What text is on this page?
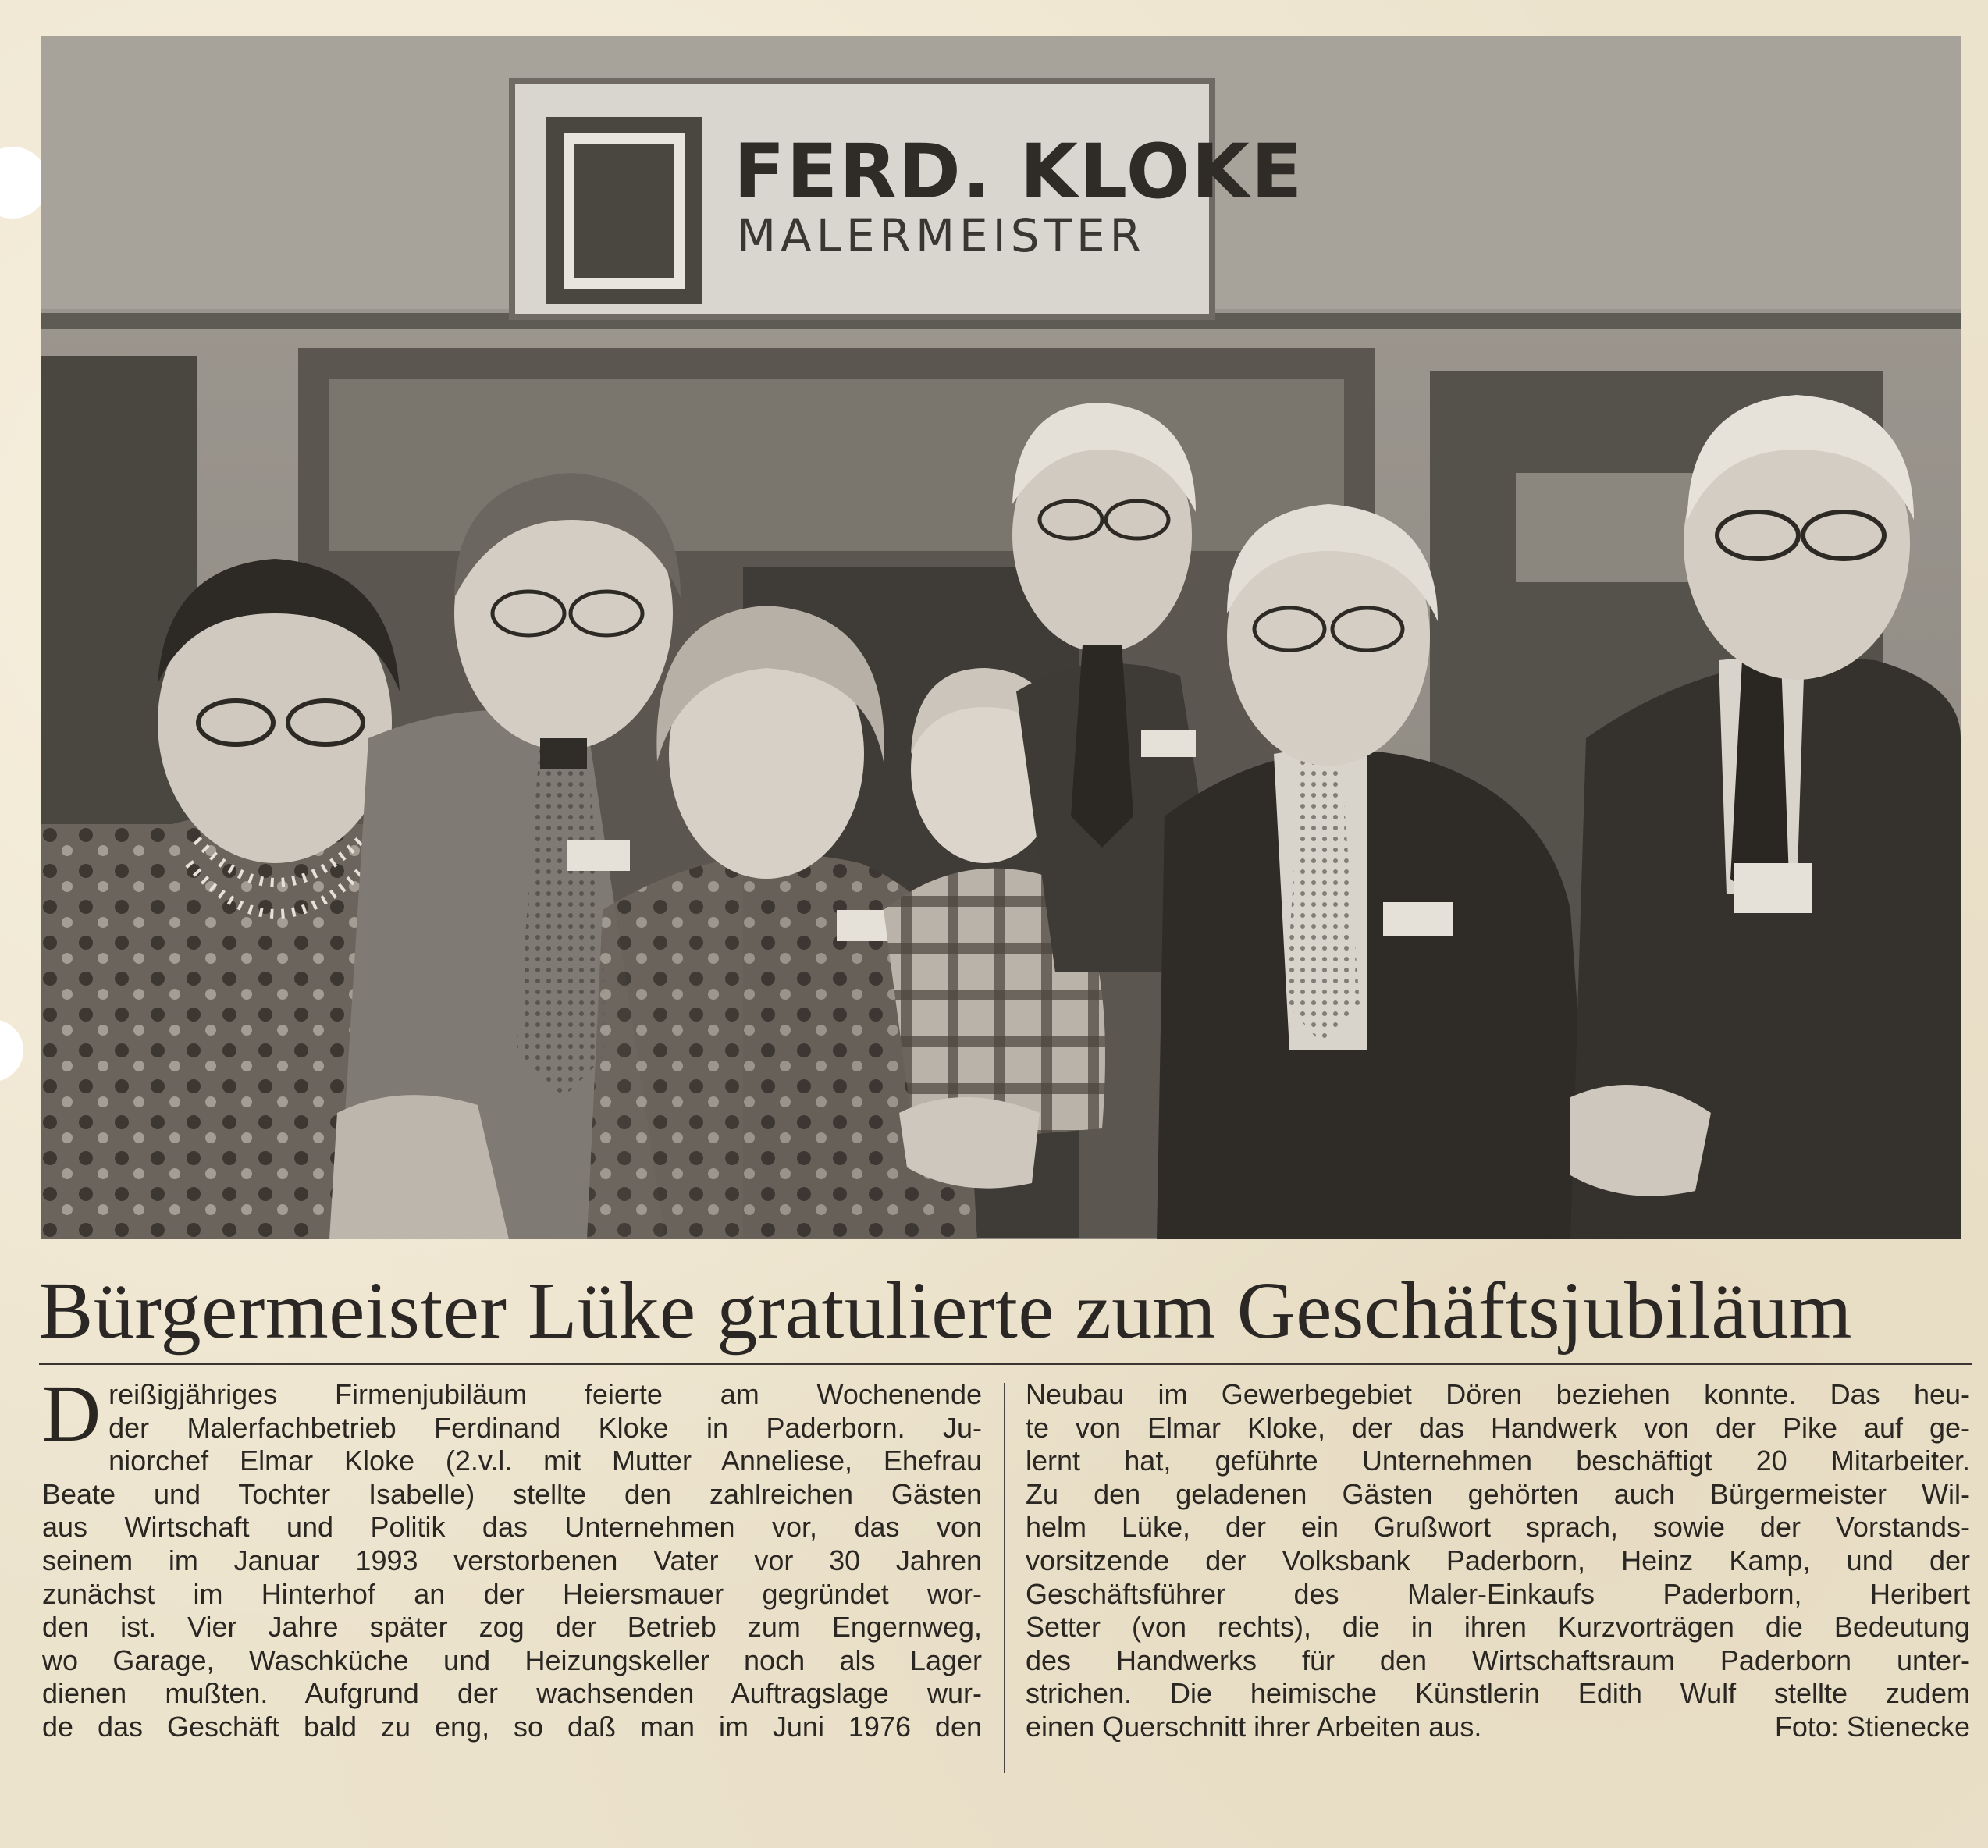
FERD. KLOKE
MALERMEISTER
Bürgermeister Lüke gratulierte zum Geschäftsjubiläum
D reißigjähriges Firmenjubiläum feierte am Wochenende
der Malerfachbetrieb Ferdinand Kloke in Paderborn. Ju-
niorchef Elmar Kloke (2.v.l. mit Mutter Anneliese, Ehefrau
Beate und Tochter Isabelle) stellte den zahlreichen Gästen
aus Wirtschaft und Politik das Unternehmen vor, das von
seinem im Januar 1993 verstorbenen Vater vor 30 Jahren
zunächst im Hinterhof an der Heiersmauer gegründet wor-
den ist. Vier Jahre später zog der Betrieb zum Engernweg,
wo Garage, Waschküche und Heizungskeller noch als Lager
dienen mußten. Aufgrund der wachsenden Auftragslage wur-
de das Geschäft bald zu eng, so daß man im Juni 1976 den
Neubau im Gewerbegebiet Dören beziehen konnte. Das heu-
te von Elmar Kloke, der das Handwerk von der Pike auf ge-
lernt hat, geführte Unternehmen beschäftigt 20 Mitarbeiter.
Zu den geladenen Gästen gehörten auch Bürgermeister Wil-
helm Lüke, der ein Grußwort sprach, sowie der Vorstands-
vorsitzende der Volksbank Paderborn, Heinz Kamp, und der
Geschäftsführer des Maler-Einkaufs Paderborn, Heribert
Setter (von rechts), die in ihren Kurzvorträgen die Bedeutung
des Handwerks für den Wirtschaftsraum Paderborn unter-
strichen. Die heimische Künstlerin Edith Wulf stellte zudem
einen Querschnitt ihrer Arbeiten aus.	Foto: Stienecke
